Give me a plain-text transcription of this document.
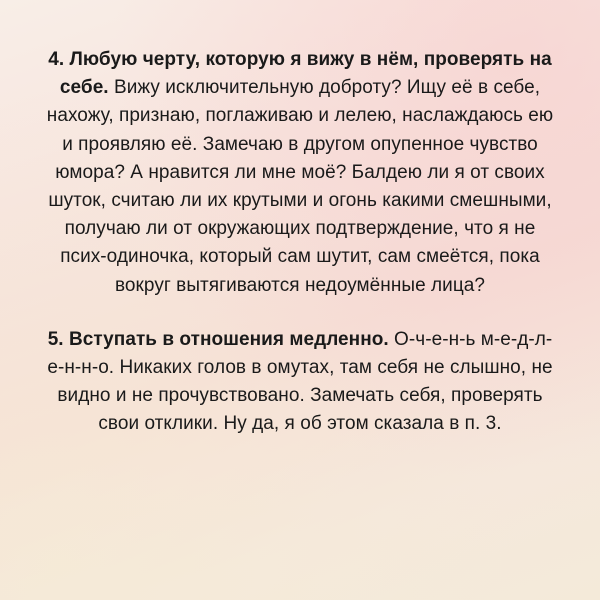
4. Любую черту, которую я вижу в нём, проверять на себе. Вижу исключительную доброту? Ищу её в себе, нахожу, признаю, поглаживаю и лелею, наслаждаюсь ею и проявляю её. Замечаю в другом опупенное чувство юмора? А нравится ли мне моё? Балдею ли я от своих шуток, считаю ли их крутыми и огонь какими смешными, получаю ли от окружающих подтверждение, что я не псих-одиночка, который сам шутит, сам смеётся, пока вокруг вытягиваются недоумённые лица?

5. Вступать в отношения медленно. О-ч-е-н-ь м-е-д-л-е-н-н-о. Никаких голов в омутах, там себя не слышно, не видно и не прочувствовано. Замечать себя, проверять свои отклики. Ну да, я об этом сказала в п. 3.
